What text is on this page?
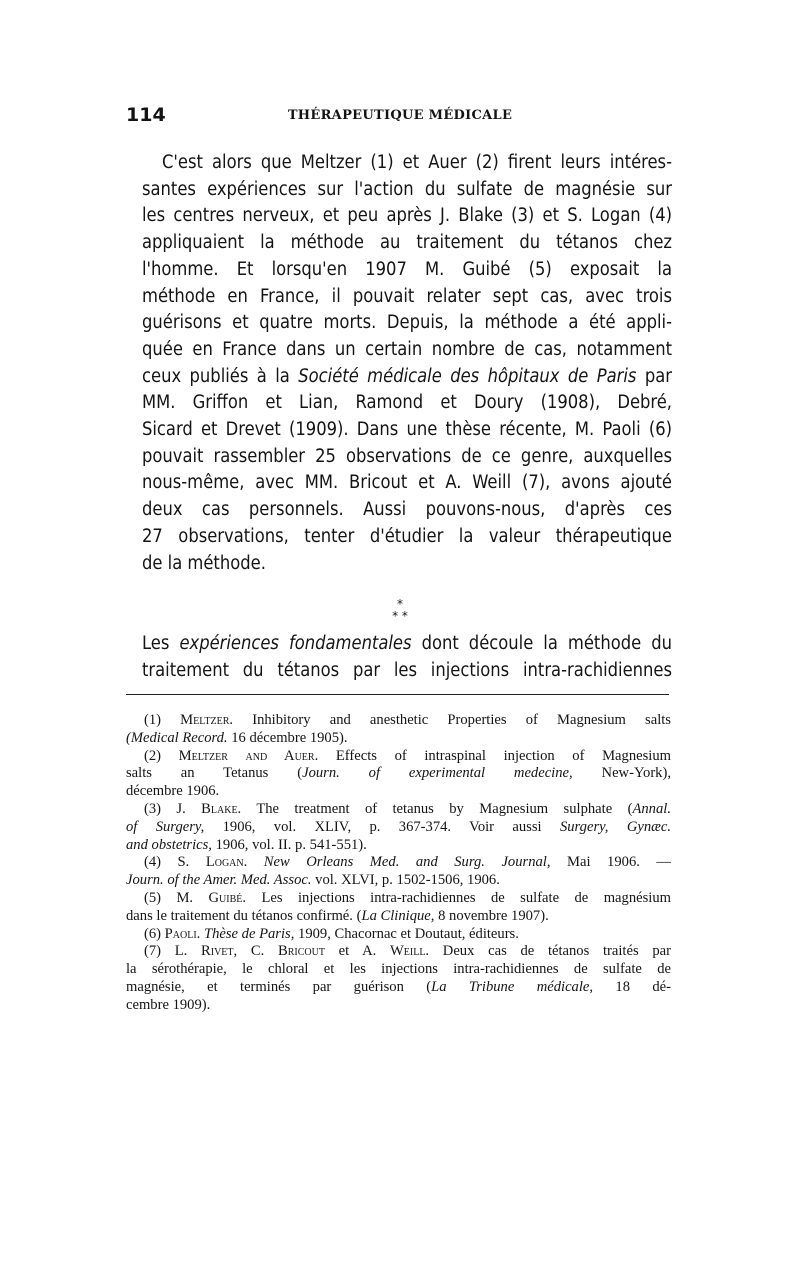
114	THÉRAPEUTIQUE MÉDICALE
C'est alors que Meltzer (1) et Auer (2) firent leurs intéres-
santes expériences sur l'action du sulfate de magnésie sur
les centres nerveux, et peu après J. Blake (3) et S. Logan (4)
appliquaient la méthode au traitement du tétanos chez
l'homme. Et lorsqu'en 1907 M. Guibé (5) exposait la
méthode en France, il pouvait relater sept cas, avec trois
guérisons et quatre morts. Depuis, la méthode a été appli-
quée en France dans un certain nombre de cas, notamment
ceux publiés à la Société médicale des hôpitaux de Paris par
MM. Griffon et Lian, Ramond et Doury (1908), Debré,
Sicard et Drevet (1909). Dans une thèse récente, M. Paoli (6)
pouvait rassembler 25 observations de ce genre, auxquelles
nous-même, avec MM. Bricout et A. Weill (7), avons ajouté
deux cas personnels. Aussi pouvons-nous, d'après ces
27 observations, tenter d'étudier la valeur thérapeutique
de la méthode.
*
* *
Les expériences fondamentales dont découle la méthode du
traitement du tétanos par les injections intra-rachidiennes
(1) Meltzer. Inhibitory and anesthetic Properties of Magnesium salts
(Medical Record. 16 décembre 1905).
(2) Meltzer and Auer. Effects of intraspinal injection of Magnesium
salts an Tetanus (Journ. of experimental medecine, New-York),
décembre 1906.
(3) J. Blake. The treatment of tetanus by Magnesium sulphate (Annal.
of Surgery, 1906, vol. XLIV, p. 367-374. Voir aussi Surgery, Gynæc.
and obstetrics, 1906, vol. II. p. 541-551).
(4) S. Logan. New Orleans Med. and Surg. Journal, Mai 1906. —
Journ. of the Amer. Med. Assoc. vol. XLVI, p. 1502-1506, 1906.
(5) M. Guibé. Les injections intra-rachidiennes de sulfate de magnésium
dans le traitement du tétanos confirmé. (La Clinique, 8 novembre 1907).
(6) Paoli. Thèse de Paris, 1909, Chacornac et Doutaut, éditeurs.
(7) L. Rivet, C. Bricout et A. Weill. Deux cas de tétanos traités par
la sérothérapie, le chloral et les injections intra-rachidiennes de sulfate de
magnésie, et terminés par guérison (La Tribune médicale, 18 dé-
cembre 1909).
